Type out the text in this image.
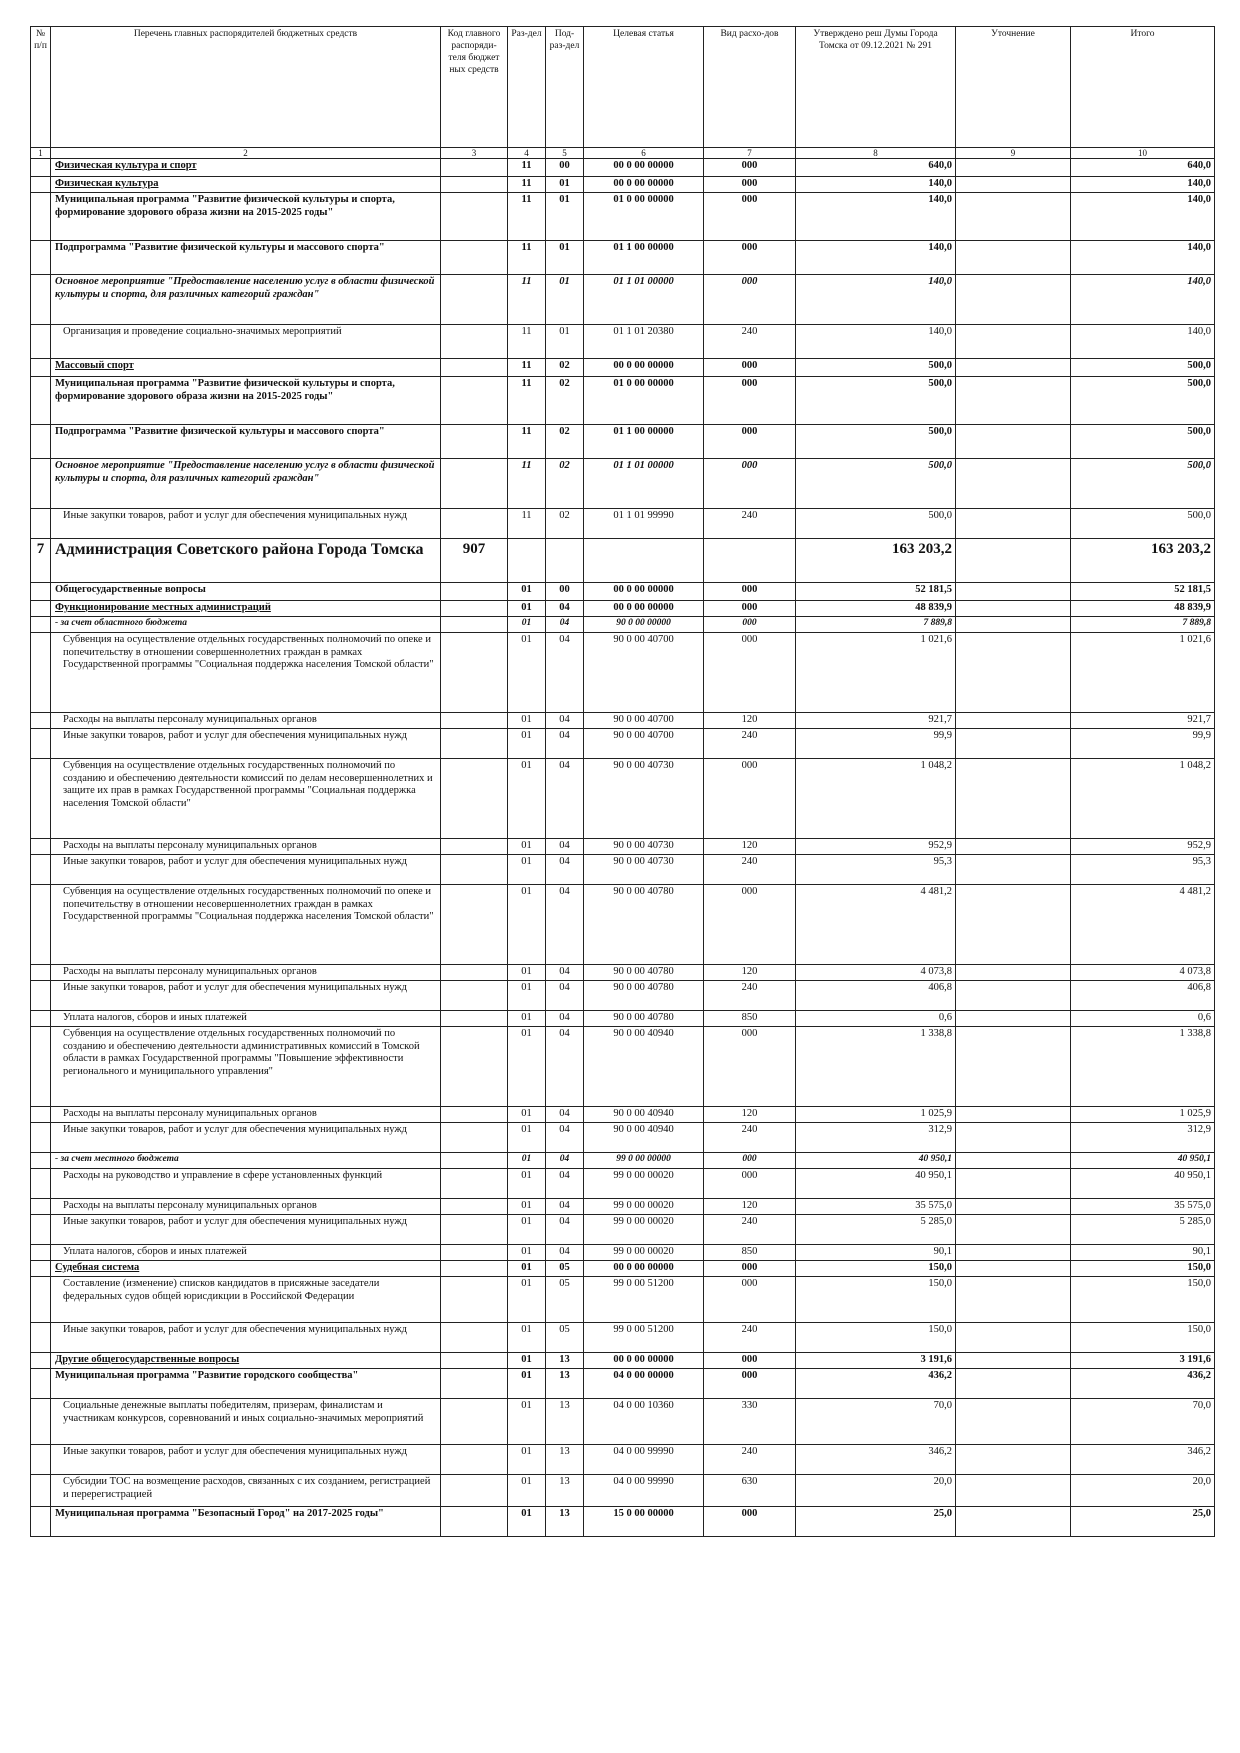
№ п/п	Перечень главных распорядителей бюджетных средств	Код главного распоряди-теля бюджет ных средств	Раз-дел	Под-раз-дел	Целевая статья	Вид расхо-дов	Утверждено реш Думы Города Томска от 09.12.2021 № 291	Уточнение	Итого
1	2	3	4	5	6	7	8	9	10
	Физическая культура и спорт		11	00	00 0 00 00000	000	640,0		640,0
	Физическая культура		11	01	00 0 00 00000	000	140,0		140,0
	Муниципальная программа "Развитие физической культуры и спорта, формирование здорового образа жизни на 2015-2025 годы"		11	01	01 0 00 00000	000	140,0		140,0
	Подпрограмма "Развитие физической культуры и массового спорта"		11	01	01 1 00 00000	000	140,0		140,0
	Основное мероприятие "Предоставление населению услуг в области физической культуры и спорта, для различных категорий граждан"		11	01	01 1 01 00000	000	140,0		140,0
	Организация и проведение социально-значимых мероприятий		11	01	01 1 01 20380	240	140,0		140,0
	Массовый спорт		11	02	00 0 00 00000	000	500,0		500,0
	Муниципальная программа "Развитие физической культуры и спорта, формирование здорового образа жизни на 2015-2025 годы"		11	02	01 0 00 00000	000	500,0		500,0
	Подпрограмма "Развитие физической культуры и массового спорта"		11	02	01 1 00 00000	000	500,0		500,0
	Основное мероприятие "Предоставление населению услуг в области физической культуры и спорта, для различных категорий граждан"		11	02	01 1 01 00000	000	500,0		500,0
	Иные закупки товаров, работ и услуг для обеспечения муниципальных нужд		11	02	01 1 01 99990	240	500,0		500,0
7	Администрация Советского района Города Томска	907					163 203,2		163 203,2
	Общегосударственные вопросы		01	00	00 0 00 00000	000	52 181,5		52 181,5
	Функционирование местных администраций		01	04	00 0 00 00000	000	48 839,9		48 839,9
	- за счет областного бюджета		01	04	90 0 00 00000	000	7 889,8		7 889,8
	Субвенция на осуществление отдельных государственных полномочий по опеке и попечительству в отношении совершеннолетних граждан в рамках Государственной программы "Социальная поддержка населения Томской области"		01	04	90 0 00 40700	000	1 021,6		1 021,6
	Расходы на выплаты персоналу муниципальных органов		01	04	90 0 00 40700	120	921,7		921,7
	Иные закупки товаров, работ и услуг для обеспечения муниципальных нужд		01	04	90 0 00 40700	240	99,9		99,9
	Субвенция на осуществление отдельных государственных полномочий по созданию и обеспечению деятельности комиссий по делам несовершеннолетних и защите их прав в рамках Государственной программы "Социальная поддержка населения Томской области"		01	04	90 0 00 40730	000	1 048,2		1 048,2
	Расходы на выплаты персоналу муниципальных органов		01	04	90 0 00 40730	120	952,9		952,9
	Иные закупки товаров, работ и услуг для обеспечения муниципальных нужд		01	04	90 0 00 40730	240	95,3		95,3
	Субвенция на осуществление отдельных государственных полномочий по опеке и попечительству в отношении несовершеннолетних граждан в рамках Государственной программы "Социальная поддержка населения Томской области"		01	04	90 0 00 40780	000	4 481,2		4 481,2
	Расходы на выплаты персоналу муниципальных органов		01	04	90 0 00 40780	120	4 073,8		4 073,8
	Иные закупки товаров, работ и услуг для обеспечения муниципальных нужд		01	04	90 0 00 40780	240	406,8		406,8
	Уплата налогов, сборов и иных платежей		01	04	90 0 00 40780	850	0,6		0,6
	Субвенция на осуществление отдельных государственных полномочий по созданию и обеспечению деятельности административных комиссий в Томской области в рамках Государственной программы "Повышение эффективности регионального и муниципального управления"		01	04	90 0 00 40940	000	1 338,8		1 338,8
	Расходы на выплаты персоналу муниципальных органов		01	04	90 0 00 40940	120	1 025,9		1 025,9
	Иные закупки товаров, работ и услуг для обеспечения муниципальных нужд		01	04	90 0 00 40940	240	312,9		312,9
	- за счет местного бюджета		01	04	99 0 00 00000	000	40 950,1		40 950,1
	Расходы на руководство и управление в сфере установленных функций		01	04	99 0 00 00020	000	40 950,1		40 950,1
	Расходы на выплаты персоналу муниципальных органов		01	04	99 0 00 00020	120	35 575,0		35 575,0
	Иные закупки товаров, работ и услуг для обеспечения муниципальных нужд		01	04	99 0 00 00020	240	5 285,0		5 285,0
	Уплата налогов, сборов и иных платежей		01	04	99 0 00 00020	850	90,1		90,1
	Судебная система		01	05	00 0 00 00000	000	150,0		150,0
	Составление (изменение) списков кандидатов в присяжные заседатели федеральных судов общей юрисдикции в Российской Федерации		01	05	99 0 00 51200	000	150,0		150,0
	Иные закупки товаров, работ и услуг для обеспечения муниципальных нужд		01	05	99 0 00 51200	240	150,0		150,0
	Другие общегосударственные вопросы		01	13	00 0 00 00000	000	3 191,6		3 191,6
	Муниципальная программа "Развитие городского сообщества"		01	13	04 0 00 00000	000	436,2		436,2
	Социальные денежные выплаты победителям, призерам, финалистам и участникам конкурсов, соревнований и иных социально-значимых мероприятий		01	13	04 0 00 10360	330	70,0		70,0
	Иные закупки товаров, работ и услуг для обеспечения муниципальных нужд		01	13	04 0 00 99990	240	346,2		346,2
	Субсидии ТОС на возмещение расходов, связанных с их созданием, регистрацией и перерегистрацией		01	13	04 0 00 99990	630	20,0		20,0
	Муниципальная программа "Безопасный Город" на 2017-2025 годы"		01	13	15 0 00 00000	000	25,0		25,0
